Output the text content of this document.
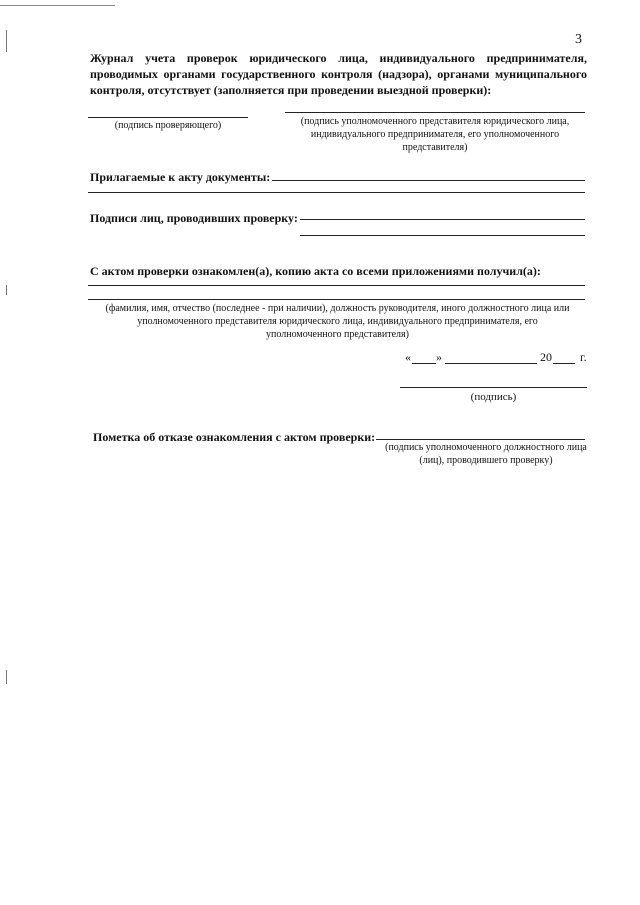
3
Журнал учета проверок юридического лица, индивидуального предпринимателя, проводимых органами государственного контроля (надзора), органами муниципального контроля, отсутствует (заполняется при проведении выездной проверки):
(подпись проверяющего)	(подпись уполномоченного представителя юридического лица, индивидуального предпринимателя, его уполномоченного представителя)
Прилагаемые к акту документы:
Подписи лиц, проводивших проверку:
С актом проверки ознакомлен(а), копию акта со всеми приложениями получил(а):
(фамилия, имя, отчество (последнее - при наличии), должность руководителя, иного должностного лица или уполномоченного представителя юридического лица, индивидуального предпринимателя, его уполномоченного представителя)
« »	20 г.
(подпись)
Пометка об отказе ознакомления с актом проверки:
(подпись уполномоченного должностного лица (лиц), проводившего проверку)
